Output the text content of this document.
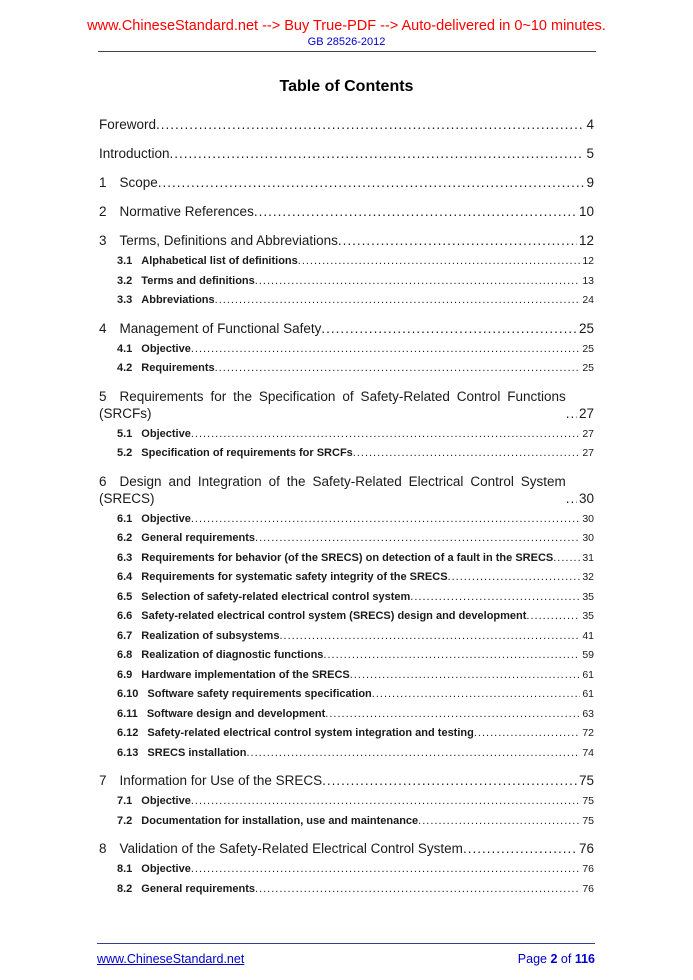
www.ChineseStandard.net --> Buy True-PDF --> Auto-delivered in 0~10 minutes.
GB 28526-2012
Table of Contents
Foreword .....	4
Introduction .....	5
1 Scope .....	9
2 Normative References .....	10
3 Terms, Definitions and Abbreviations .....	12
3.1 Alphabetical list of definitions .....	12
3.2 Terms and definitions .....	13
3.3 Abbreviations .....	24
4 Management of Functional Safety .....	25
4.1 Objective .....	25
4.2 Requirements .....	25
5 Requirements for the Specification of Safety-Related Control Functions (SRCFs) .....	27
5.1 Objective .....	27
5.2 Specification of requirements for SRCFs .....	27
6 Design and Integration of the Safety-Related Electrical Control System (SRECS) .....	30
6.1 Objective .....	30
6.2 General requirements .....	30
6.3 Requirements for behavior (of the SRECS) on detection of a fault in the SRECS .....	31
6.4 Requirements for systematic safety integrity of the SRECS .....	32
6.5 Selection of safety-related electrical control system .....	35
6.6 Safety-related electrical control system (SRECS) design and development .....	35
6.7 Realization of subsystems .....	41
6.8 Realization of diagnostic functions .....	59
6.9 Hardware implementation of the SRECS .....	61
6.10 Software safety requirements specification .....	61
6.11 Software design and development .....	63
6.12 Safety-related electrical control system integration and testing .....	72
6.13 SRECS installation .....	74
7 Information for Use of the SRECS .....	75
7.1 Objective .....	75
7.2 Documentation for installation, use and maintenance .....	75
8 Validation of the Safety-Related Electrical Control System .....	76
8.1 Objective .....	76
8.2 General requirements .....	76
www.ChineseStandard.net	Page 2 of 116
